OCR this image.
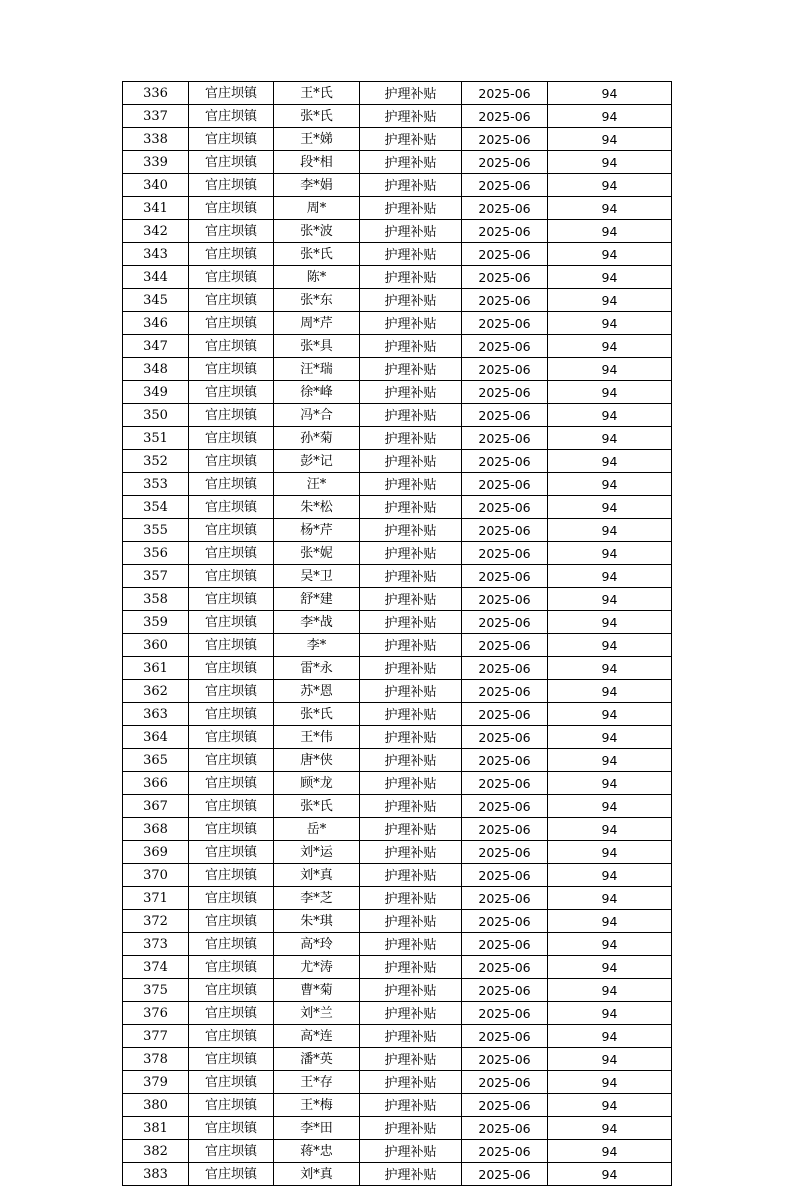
336	官庄坝镇	王*氏	护理补贴	2025-06	94
337	官庄坝镇	张*氏	护理补贴	2025-06	94
338	官庄坝镇	王*娣	护理补贴	2025-06	94
339	官庄坝镇	段*相	护理补贴	2025-06	94
340	官庄坝镇	李*娟	护理补贴	2025-06	94
341	官庄坝镇	周*	护理补贴	2025-06	94
342	官庄坝镇	张*波	护理补贴	2025-06	94
343	官庄坝镇	张*氏	护理补贴	2025-06	94
344	官庄坝镇	陈*	护理补贴	2025-06	94
345	官庄坝镇	张*东	护理补贴	2025-06	94
346	官庄坝镇	周*芹	护理补贴	2025-06	94
347	官庄坝镇	张*具	护理补贴	2025-06	94
348	官庄坝镇	汪*瑞	护理补贴	2025-06	94
349	官庄坝镇	徐*峰	护理补贴	2025-06	94
350	官庄坝镇	冯*合	护理补贴	2025-06	94
351	官庄坝镇	孙*菊	护理补贴	2025-06	94
352	官庄坝镇	彭*记	护理补贴	2025-06	94
353	官庄坝镇	汪*	护理补贴	2025-06	94
354	官庄坝镇	朱*松	护理补贴	2025-06	94
355	官庄坝镇	杨*芹	护理补贴	2025-06	94
356	官庄坝镇	张*妮	护理补贴	2025-06	94
357	官庄坝镇	吴*卫	护理补贴	2025-06	94
358	官庄坝镇	舒*建	护理补贴	2025-06	94
359	官庄坝镇	李*战	护理补贴	2025-06	94
360	官庄坝镇	李*	护理补贴	2025-06	94
361	官庄坝镇	雷*永	护理补贴	2025-06	94
362	官庄坝镇	苏*恩	护理补贴	2025-06	94
363	官庄坝镇	张*氏	护理补贴	2025-06	94
364	官庄坝镇	王*伟	护理补贴	2025-06	94
365	官庄坝镇	唐*侠	护理补贴	2025-06	94
366	官庄坝镇	顾*龙	护理补贴	2025-06	94
367	官庄坝镇	张*氏	护理补贴	2025-06	94
368	官庄坝镇	岳*	护理补贴	2025-06	94
369	官庄坝镇	刘*运	护理补贴	2025-06	94
370	官庄坝镇	刘*真	护理补贴	2025-06	94
371	官庄坝镇	李*芝	护理补贴	2025-06	94
372	官庄坝镇	朱*琪	护理补贴	2025-06	94
373	官庄坝镇	高*玲	护理补贴	2025-06	94
374	官庄坝镇	尤*涛	护理补贴	2025-06	94
375	官庄坝镇	曹*菊	护理补贴	2025-06	94
376	官庄坝镇	刘*兰	护理补贴	2025-06	94
377	官庄坝镇	高*连	护理补贴	2025-06	94
378	官庄坝镇	潘*英	护理补贴	2025-06	94
379	官庄坝镇	王*存	护理补贴	2025-06	94
380	官庄坝镇	王*梅	护理补贴	2025-06	94
381	官庄坝镇	李*田	护理补贴	2025-06	94
382	官庄坝镇	蒋*忠	护理补贴	2025-06	94
383	官庄坝镇	刘*真	护理补贴	2025-06	94
